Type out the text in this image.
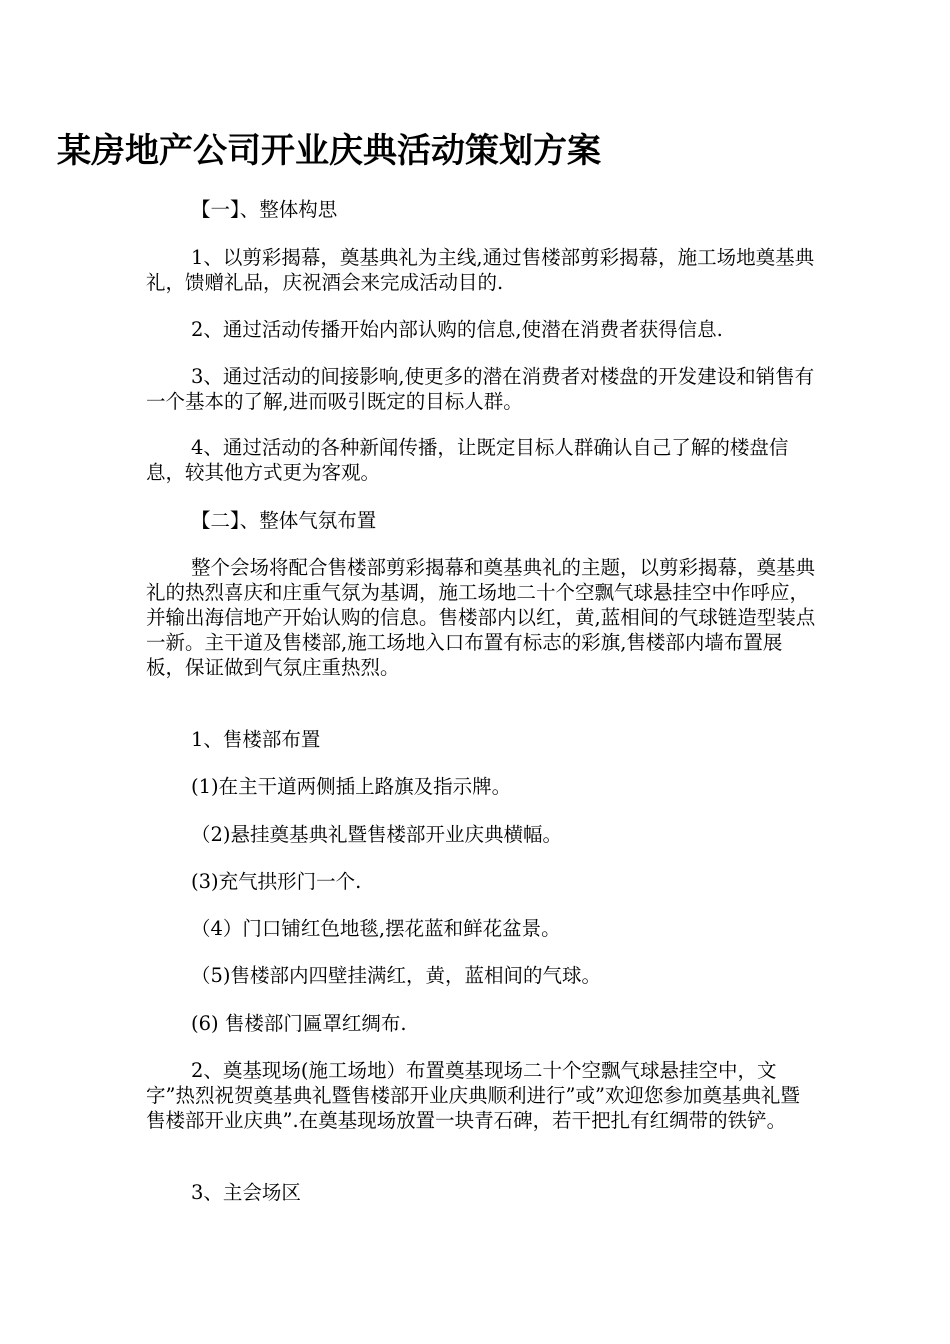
某房地产公司开业庆典活动策划方案

【一】、整体构思

1、以剪彩揭幕，奠基典礼为主线,通过售楼部剪彩揭幕，施工场地奠基典礼，馈赠礼品，庆祝酒会来完成活动目的.

2、通过活动传播开始内部认购的信息,使潜在消费者获得信息.

3、通过活动的间接影响,使更多的潜在消费者对楼盘的开发建设和销售有一个基本的了解,进而吸引既定的目标人群。

4、通过活动的各种新闻传播，让既定目标人群确认自己了解的楼盘信息，较其他方式更为客观。

【二】、整体气氛布置

整个会场将配合售楼部剪彩揭幕和奠基典礼的主题，以剪彩揭幕，奠基典礼的热烈喜庆和庄重气氛为基调，施工场地二十个空飘气球悬挂空中作呼应，并输出海信地产开始认购的信息。售楼部内以红，黄,蓝相间的气球链造型装点一新。主干道及售楼部,施工场地入口布置有标志的彩旗,售楼部内墙布置展板，保证做到气氛庄重热烈。

1、售楼部布置

(1)在主干道两侧插上路旗及指示牌。

（2)悬挂奠基典礼暨售楼部开业庆典横幅。

(3)充气拱形门一个.

（4）门口铺红色地毯,摆花蓝和鲜花盆景。

（5)售楼部内四壁挂满红，黄，蓝相间的气球。

(6) 售楼部门匾罩红绸布.

2、奠基现场(施工场地）布置奠基现场二十个空飘气球悬挂空中，文字”热烈祝贺奠基典礼暨售楼部开业庆典顺利进行”或”欢迎您参加奠基典礼暨售楼部开业庆典”.在奠基现场放置一块青石碑，若干把扎有红绸带的铁铲。

3、主会场区
